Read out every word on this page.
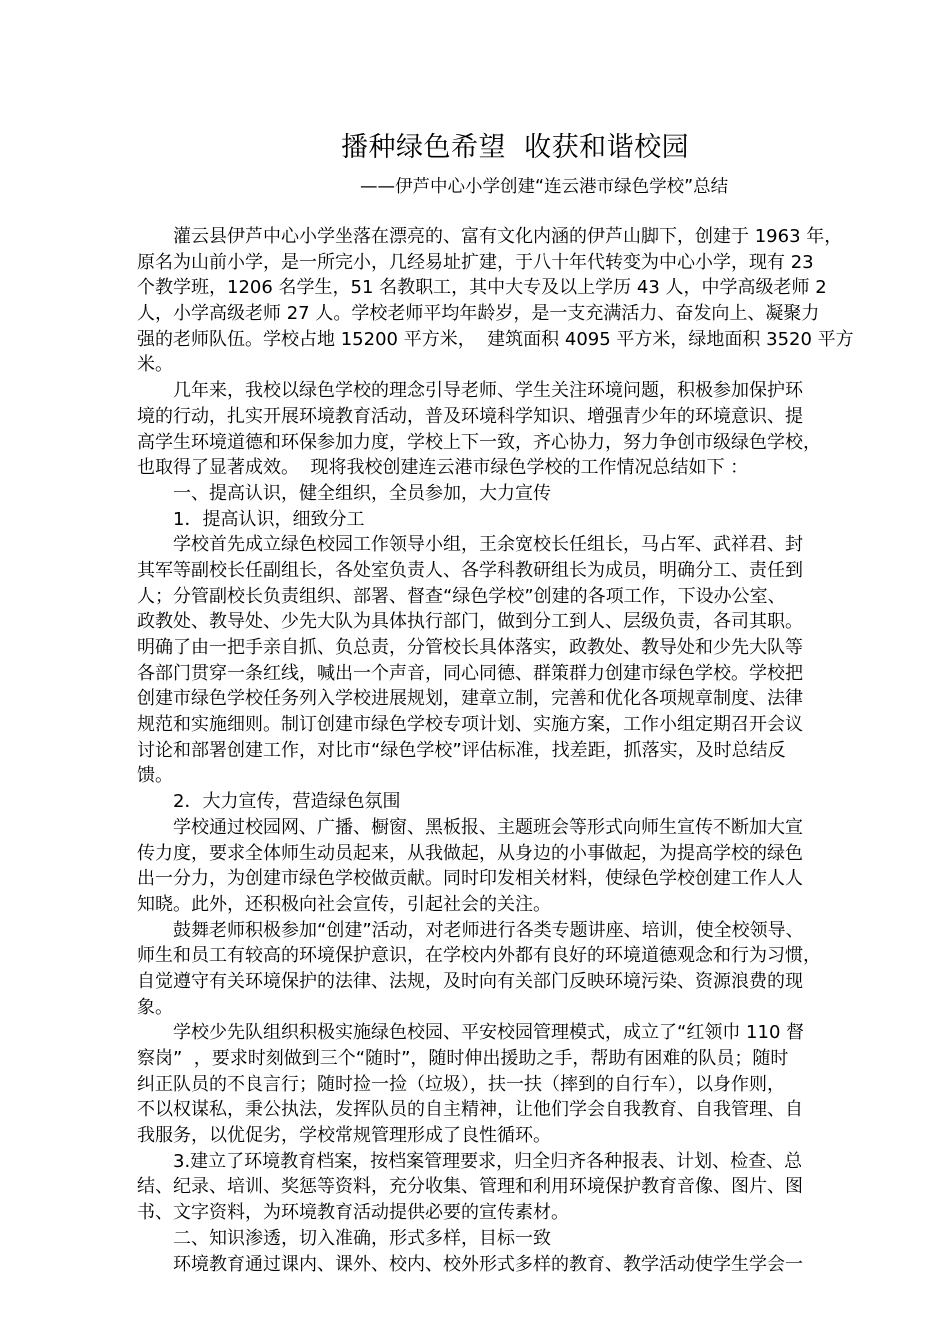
播种绿色希望  收获和谐校园
——伊芦中心小学创建“连云港市绿色学校”总结
灌云县伊芦中心小学坐落在漂亮的、富有文化内涵的伊芦山脚下，创建于 1963 年，
原名为山前小学，是一所完小，几经易址扩建，于八十年代转变为中心小学，现有 23
个教学班，1206 名学生，51 名教职工，其中大专及以上学历 43 人，中学高级老师 2
人，小学高级老师 27 人。学校老师平均年龄岁，是一支充满活力、奋发向上、凝聚力
强的老师队伍。学校占地 15200 平方米，  建筑面积 4095 平方米，绿地面积 3520 平方
米。
几年来，我校以绿色学校的理念引导老师、学生关注环境问题，积极参加保护环
境的行动，扎实开展环境教育活动，普及环境科学知识、增强青少年的环境意识、提
高学生环境道德和环保参加力度，学校上下一致，齐心协力，努力争创市级绿色学校，
也取得了显著成效。  现将我校创建连云港市绿色学校的工作情况总结如下 ：
一、提高认识，健全组织，全员参加，大力宣传
1．提高认识，细致分工
学校首先成立绿色校园工作领导小组，王余宽校长任组长，马占军、武祥君、封
其军等副校长任副组长，各处室负责人、各学科教研组长为成员，明确分工、责任到
人；分管副校长负责组织、部署、督查“绿色学校”创建的各项工作，下设办公室、
政教处、教导处、少先大队为具体执行部门，做到分工到人、层级负责，各司其职。
明确了由一把手亲自抓、负总责，分管校长具体落实，政教处、教导处和少先大队等
各部门贯穿一条红线，喊出一个声音，同心同德、群策群力创建市绿色学校。学校把
创建市绿色学校任务列入学校进展规划，建章立制，完善和优化各项规章制度、法律
规范和实施细则。制订创建市绿色学校专项计划、实施方案，工作小组定期召开会议
讨论和部署创建工作，对比市“绿色学校”评估标准，找差距，抓落实，及时总结反
馈。
2．大力宣传，营造绿色氛围
学校通过校园网、广播、橱窗、黑板报、主题班会等形式向师生宣传不断加大宣
传力度，要求全体师生动员起来，从我做起，从身边的小事做起，为提高学校的绿色
出一分力，为创建市绿色学校做贡献。同时印发相关材料，使绿色学校创建工作人人
知晓。此外，还积极向社会宣传，引起社会的关注。
鼓舞老师积极参加“创建”活动，对老师进行各类专题讲座、培训，使全校领导、
师生和员工有较高的环境保护意识，在学校内外都有良好的环境道德观念和行为习惯，
自觉遵守有关环境保护的法律、法规，及时向有关部门反映环境污染、资源浪费的现
象。
学校少先队组织积极实施绿色校园、平安校园管理模式，成立了“红领巾 110 督
察岗”  ，要求时刻做到三个“随时”，随时伸出援助之手，帮助有困难的队员；随时
纠正队员的不良言行；随时捡一捡（垃圾），扶一扶（摔到的自行车），以身作则，
不以权谋私，秉公执法，发挥队员的自主精神，让他们学会自我教育、自我管理、自
我服务，以优促劣，学校常规管理形成了良性循环。
3.建立了环境教育档案，按档案管理要求，归全归齐各种报表、计划、检查、总
结、纪录、培训、奖惩等资料，充分收集、管理和利用环境保护教育音像、图片、图
书、文字资料，为环境教育活动提供必要的宣传素材。
二、知识渗透，切入准确，形式多样，目标一致
环境教育通过课内、课外、校内、校外形式多样的教育、教学活动使学生学会一
